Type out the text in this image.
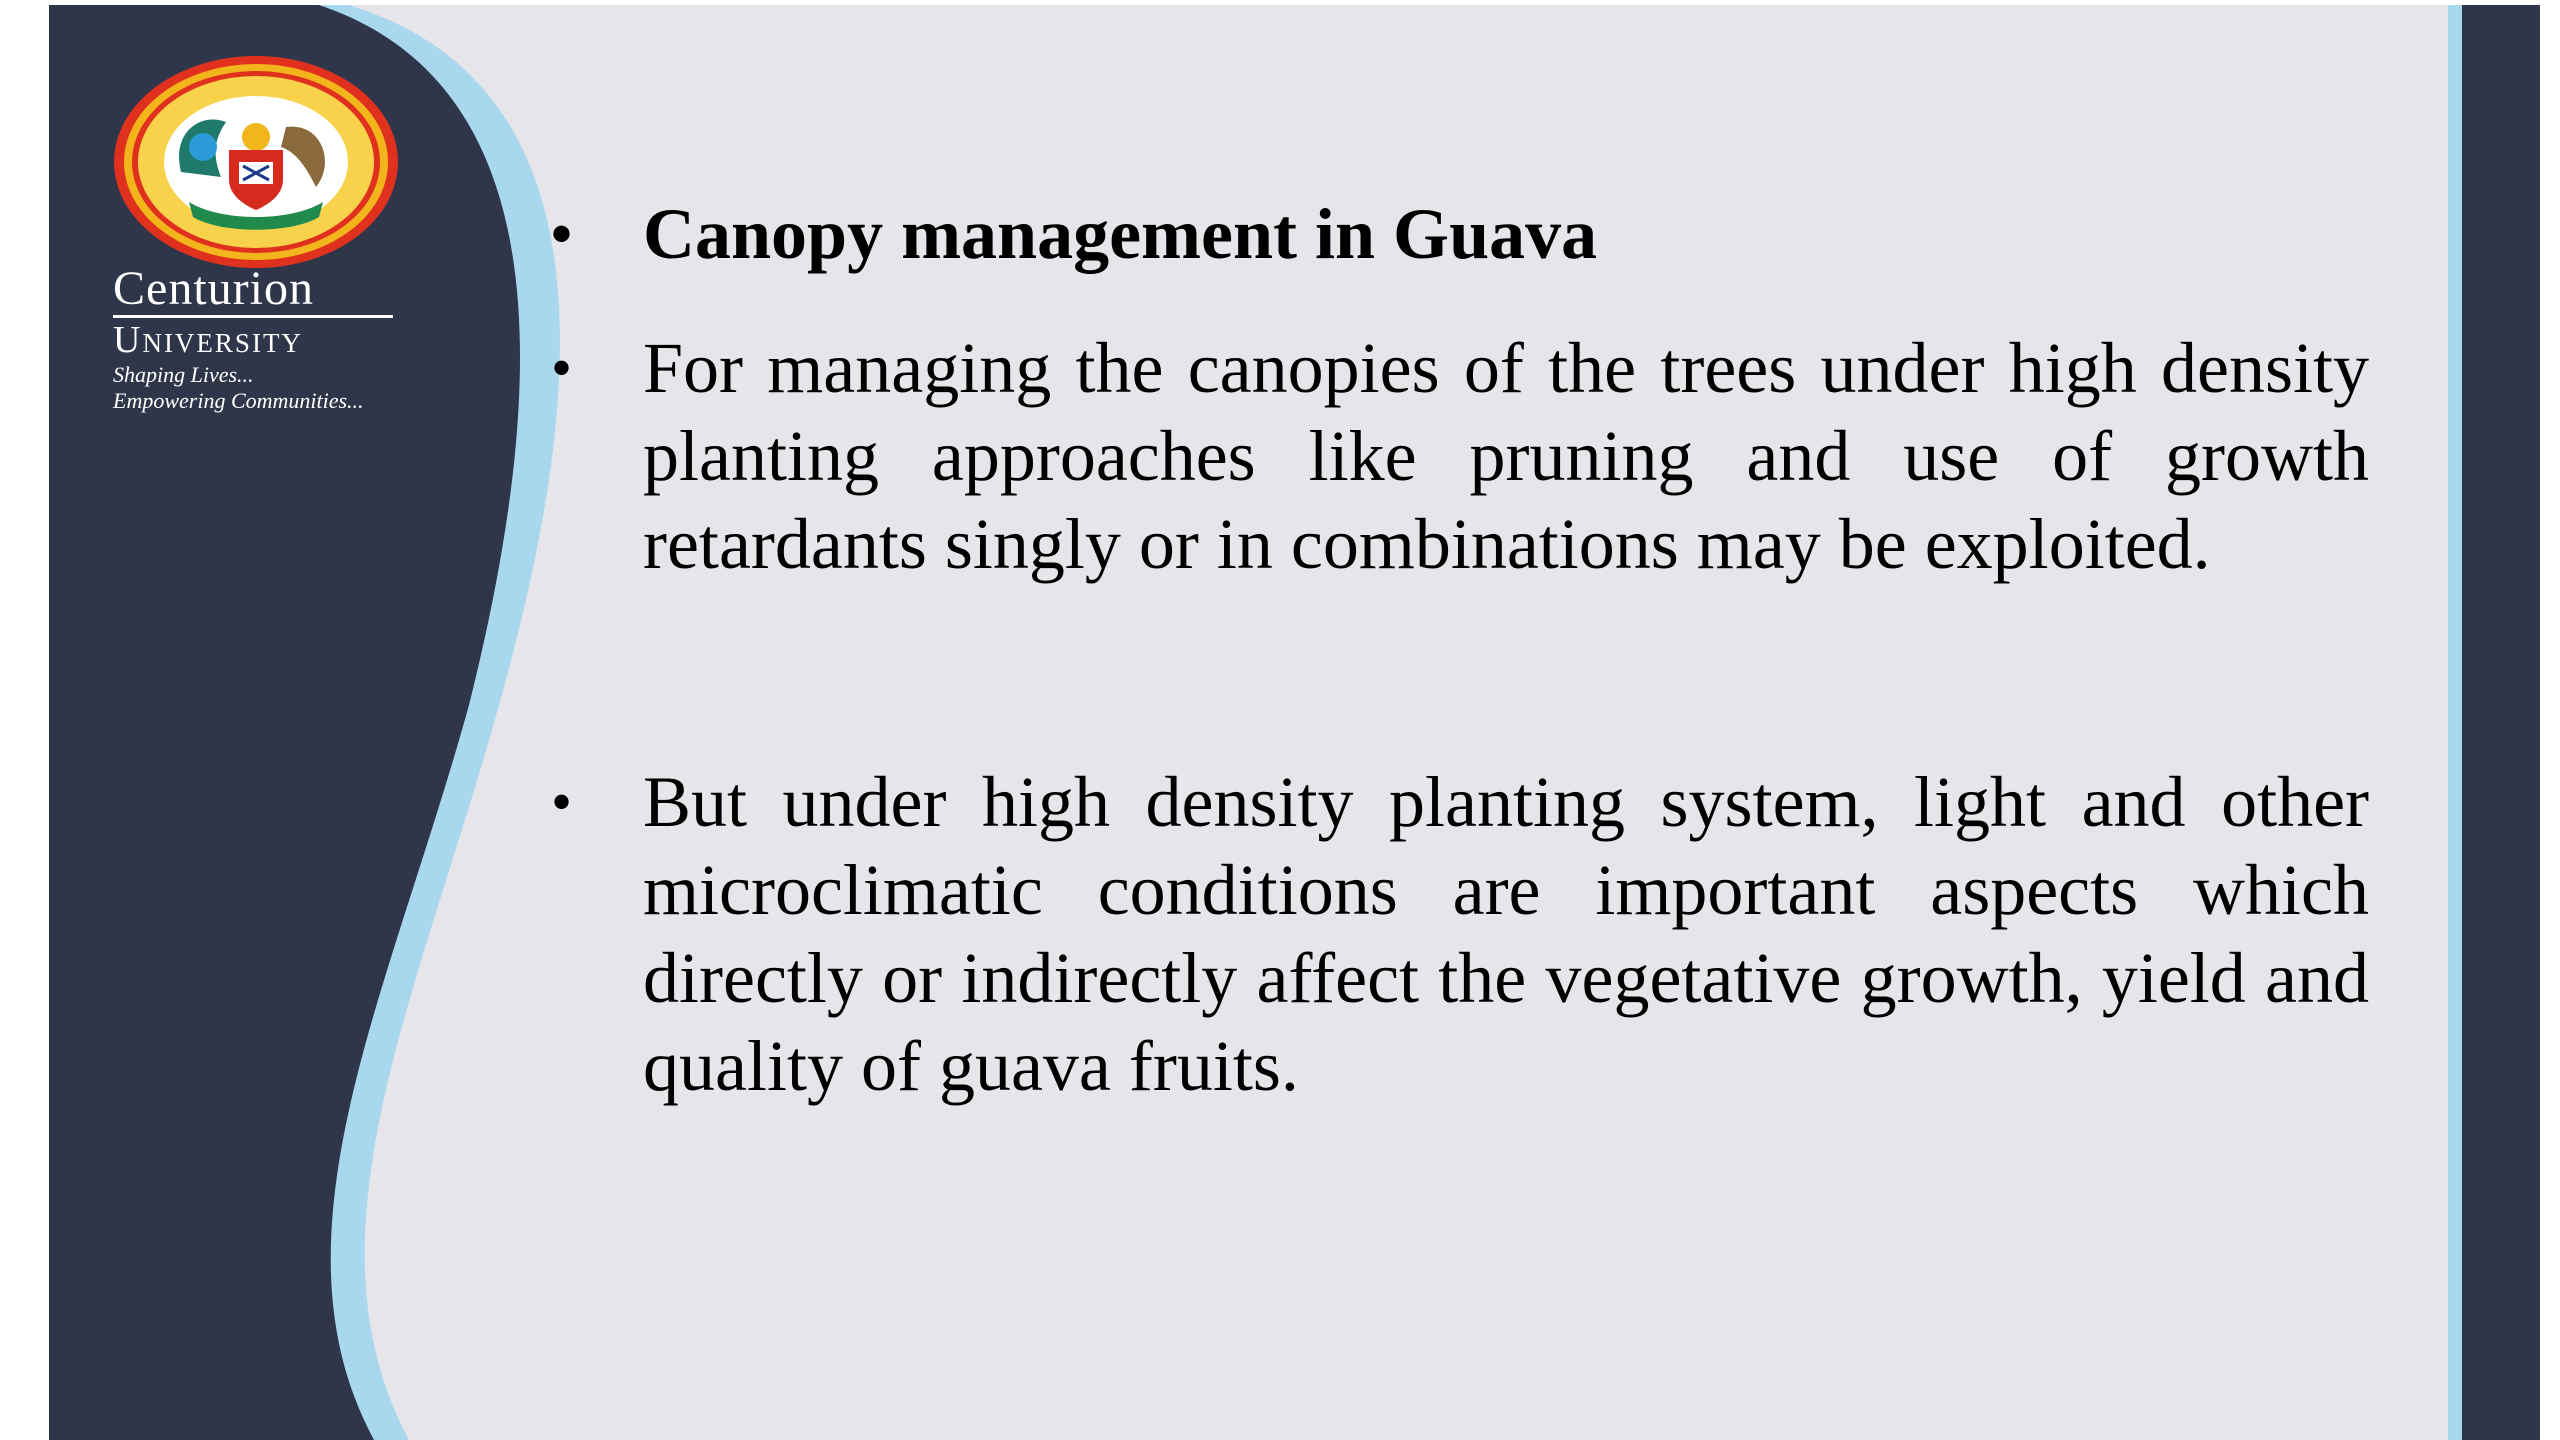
Centurion
University
Shaping Lives...
Empowering Communities...
• Canopy management in Guava
• For managing the canopies of the trees under high density planting approaches like pruning and use of growth retardants singly or in combinations may be exploited.
• But under high density planting system, light and other microclimatic conditions are important aspects which directly or indirectly affect the vegetative growth, yield and quality of guava fruits.
